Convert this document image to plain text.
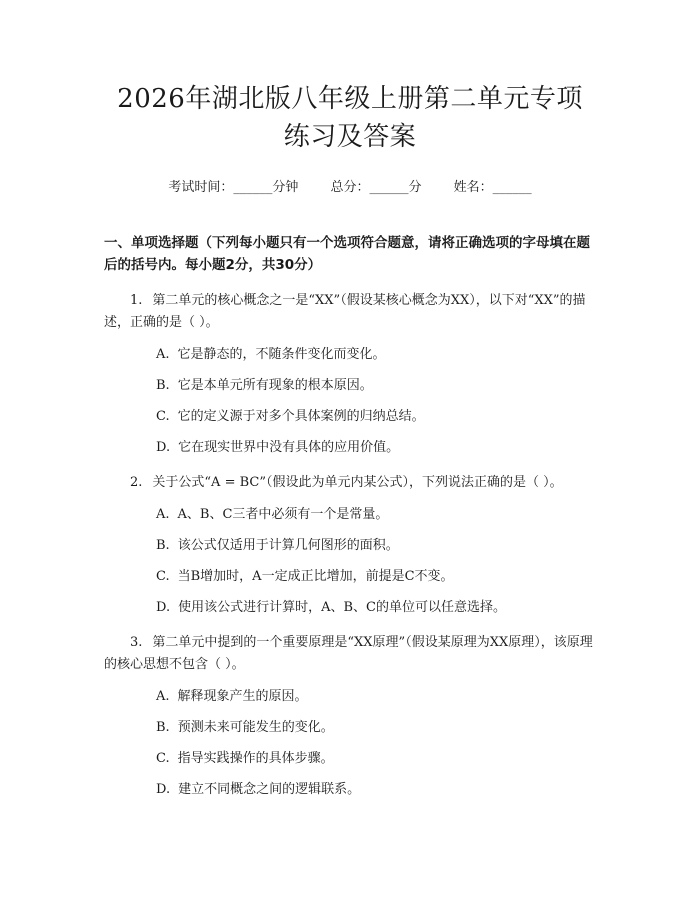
2026年湖北版八年级上册第二单元专项练习及答案
考试时间：______分钟 总分：______分 姓名：______
一、单项选择题（下列每小题只有一个选项符合题意，请将正确选项的字母填在题后的括号内。每小题2分，共30分）
1. 第二单元的核心概念之一是“XX”（假设某核心概念为XX），以下对“XX”的描述，正确的是（ ）。
A. 它是静态的，不随条件变化而变化。
B. 它是本单元所有现象的根本原因。
C. 它的定义源于对多个具体案例的归纳总结。
D. 它在现实世界中没有具体的应用价值。
2. 关于公式“A = BC”（假设此为单元内某公式），下列说法正确的是（ ）。
A. A、B、C三者中必须有一个是常量。
B. 该公式仅适用于计算几何图形的面积。
C. 当B增加时，A一定成正比增加，前提是C不变。
D. 使用该公式进行计算时，A、B、C的单位可以任意选择。
3. 第二单元中提到的一个重要原理是“XX原理”（假设某原理为XX原理），该原理的核心思想不包含（ ）。
A. 解释现象产生的原因。
B. 预测未来可能发生的变化。
C. 指导实践操作的具体步骤。
D. 建立不同概念之间的逻辑联系。
